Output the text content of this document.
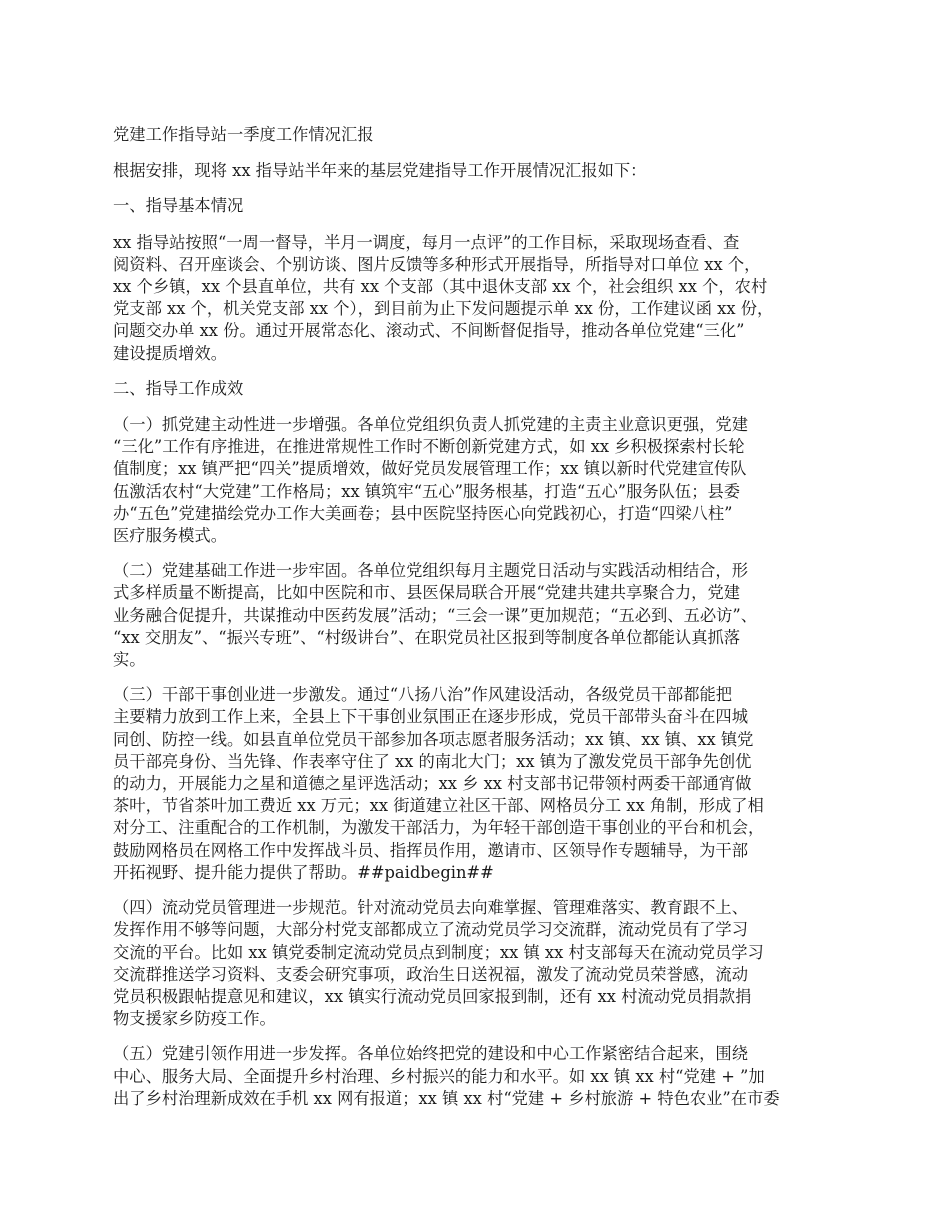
党建工作指导站一季度工作情况汇报

根据安排，现将 xx 指导站半年来的基层党建指导工作开展情况汇报如下：

一、指导基本情况

xx 指导站按照“一周一督导，半月一调度，每月一点评”的工作目标，采取现场查看、查
阅资料、召开座谈会、个别访谈、图片反馈等多种形式开展指导，所指导对口单位 xx 个，
xx 个乡镇，xx 个县直单位，共有 xx 个支部（其中退休支部 xx 个，社会组织 xx 个，农村
党支部 xx 个，机关党支部 xx 个），到目前为止下发问题提示单 xx 份，工作建议函 xx 份，
问题交办单 xx 份。通过开展常态化、滚动式、不间断督促指导，推动各单位党建“三化”
建设提质增效。

二、指导工作成效

（一）抓党建主动性进一步增强。各单位党组织负责人抓党建的主责主业意识更强，党建
“三化”工作有序推进，在推进常规性工作时不断创新党建方式，如 xx 乡积极探索村长轮
值制度；xx 镇严把“四关”提质增效，做好党员发展管理工作；xx 镇以新时代党建宣传队
伍激活农村“大党建”工作格局；xx 镇筑牢“五心”服务根基，打造“五心”服务队伍；县委
办“五色”党建描绘党办工作大美画卷；县中医院坚持医心向党践初心，打造“四梁八柱”
医疗服务模式。

（二）党建基础工作进一步牢固。各单位党组织每月主题党日活动与实践活动相结合，形
式多样质量不断提高，比如中医院和市、县医保局联合开展“党建共建共享聚合力，党建
业务融合促提升，共谋推动中医药发展”活动；“三会一课”更加规范；“五必到、五必访”、
“xx 交朋友”、“振兴专班”、“村级讲台”、在职党员社区报到等制度各单位都能认真抓落
实。

（三）干部干事创业进一步激发。通过“八扬八治”作风建设活动，各级党员干部都能把
主要精力放到工作上来，全县上下干事创业氛围正在逐步形成，党员干部带头奋斗在四城
同创、防控一线。如县直单位党员干部参加各项志愿者服务活动；xx 镇、xx 镇、xx 镇党
员干部亮身份、当先锋、作表率守住了 xx 的南北大门；xx 镇为了激发党员干部争先创优
的动力，开展能力之星和道德之星评选活动；xx 乡 xx 村支部书记带领村两委干部通宵做
茶叶，节省茶叶加工费近 xx 万元；xx 街道建立社区干部、网格员分工 xx 角制，形成了相
对分工、注重配合的工作机制，为激发干部活力，为年轻干部创造干事创业的平台和机会，
鼓励网格员在网格工作中发挥战斗员、指挥员作用，邀请市、区领导作专题辅导，为干部
开拓视野、提升能力提供了帮助。##paidbegin##

（四）流动党员管理进一步规范。针对流动党员去向难掌握、管理难落实、教育跟不上、
发挥作用不够等问题，大部分村党支部都成立了流动党员学习交流群，流动党员有了学习
交流的平台。比如 xx 镇党委制定流动党员点到制度；xx 镇 xx 村支部每天在流动党员学习
交流群推送学习资料、支委会研究事项，政治生日送祝福，激发了流动党员荣誉感，流动
党员积极跟帖提意见和建议，xx 镇实行流动党员回家报到制，还有 xx 村流动党员捐款捐
物支援家乡防疫工作。

（五）党建引领作用进一步发挥。各单位始终把党的建设和中心工作紧密结合起来，围绕
中心、服务大局、全面提升乡村治理、乡村振兴的能力和水平。如 xx 镇 xx 村“党建 + ”加
出了乡村治理新成效在手机 xx 网有报道；xx 镇 xx 村“党建 + 乡村旅游 + 特色农业”在市委
